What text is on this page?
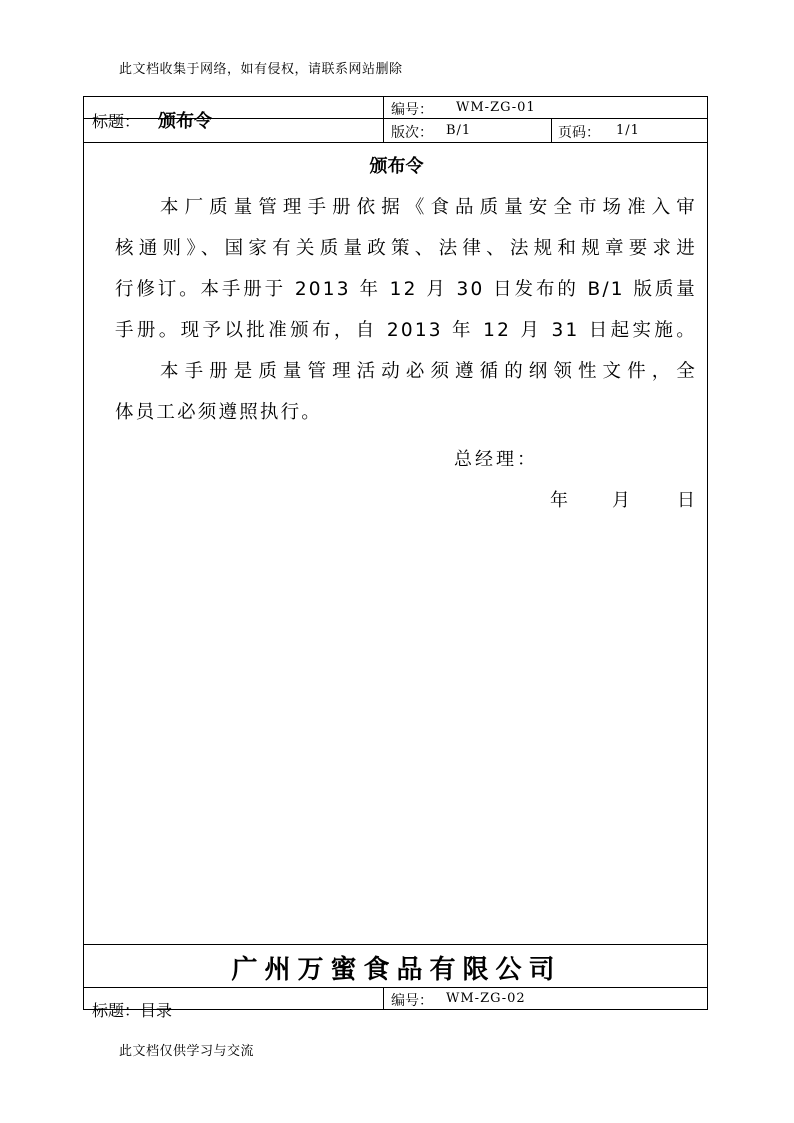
此文档收集于网络，如有侵权，请联系网站删除
标题： 颁布令
编号： WM-ZG-01
版次： B/1	页码： 1/1
颁布令
本厂质量管理手册依据《食品质量安全市场准入审
核通则》、国家有关质量政策、法律、法规和规章要求进
行修订。本手册于 2013 年 12 月 30 日发布的 B/1 版质量
手册。现予以批准颁布，自 2013 年 12 月 31 日起实施。
本手册是质量管理活动必须遵循的纲领性文件，全
体员工必须遵照执行。
总经理：
年 月 日
广州万蜜食品有限公司
标题：目录	编号： WM-ZG-02
此文档仅供学习与交流
